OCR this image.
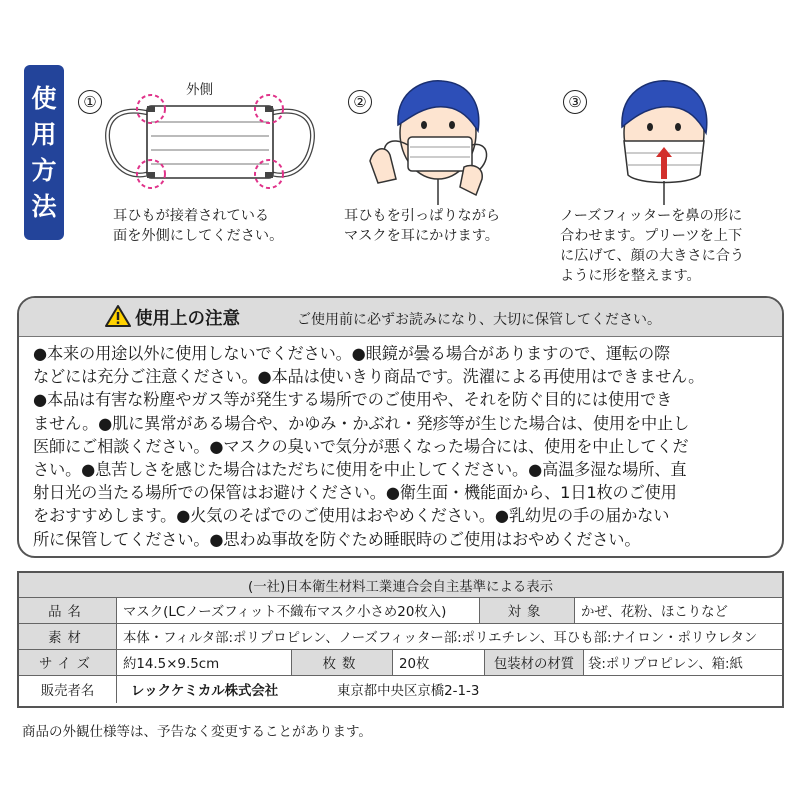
使
用
方
法
①
外側
耳ひもが接着されている
面を外側にしてください。
②
耳ひもを引っぱりながら
マスクを耳にかけます。
③
ノーズフィッターを鼻の形に
合わせます。プリーツを上下
に広げて、顔の大きさに合う
ように形を整えます。
使用上の注意	ご使用前に必ずお読みになり、大切に保管してください。
●本来の用途以外に使用しないでください。●眼鏡が曇る場合がありますので、運転の際
などには充分ご注意ください。●本品は使いきり商品です。洗濯による再使用はできません。
●本品は有害な粉塵やガス等が発生する場所でのご使用や、それを防ぐ目的には使用でき
ません。●肌に異常がある場合や、かゆみ・かぶれ・発疹等が生じた場合は、使用を中止し
医師にご相談ください。●マスクの臭いで気分が悪くなった場合には、使用を中止してくだ
さい。●息苦しさを感じた場合はただちに使用を中止してください。●高温多湿な場所、直
射日光の当たる場所での保管はお避けください。●衛生面・機能面から、1日1枚のご使用
をおすすめします。●火気のそばでのご使用はおやめください。●乳幼児の手の届かない
所に保管してください。●思わぬ事故を防ぐため睡眠時のご使用はおやめください。
(一社)日本衛生材料工業連合会自主基準による表示
品名	マスク(LCノーズフィット不織布マスク小さめ20枚入)	対象	かぜ、花粉、ほこりなど
素材	本体・フィルタ部:ポリプロピレン、ノーズフィッター部:ポリエチレン、耳ひも部:ナイロン・ポリウレタン
サイズ	約14.5×9.5cm	枚数	20枚	包装材の材質	袋:ポリプロピレン、箱:紙
販売者名	レックケミカル株式会社	東京都中央区京橋2-1-3
商品の外観仕様等は、予告なく変更することがあります。
